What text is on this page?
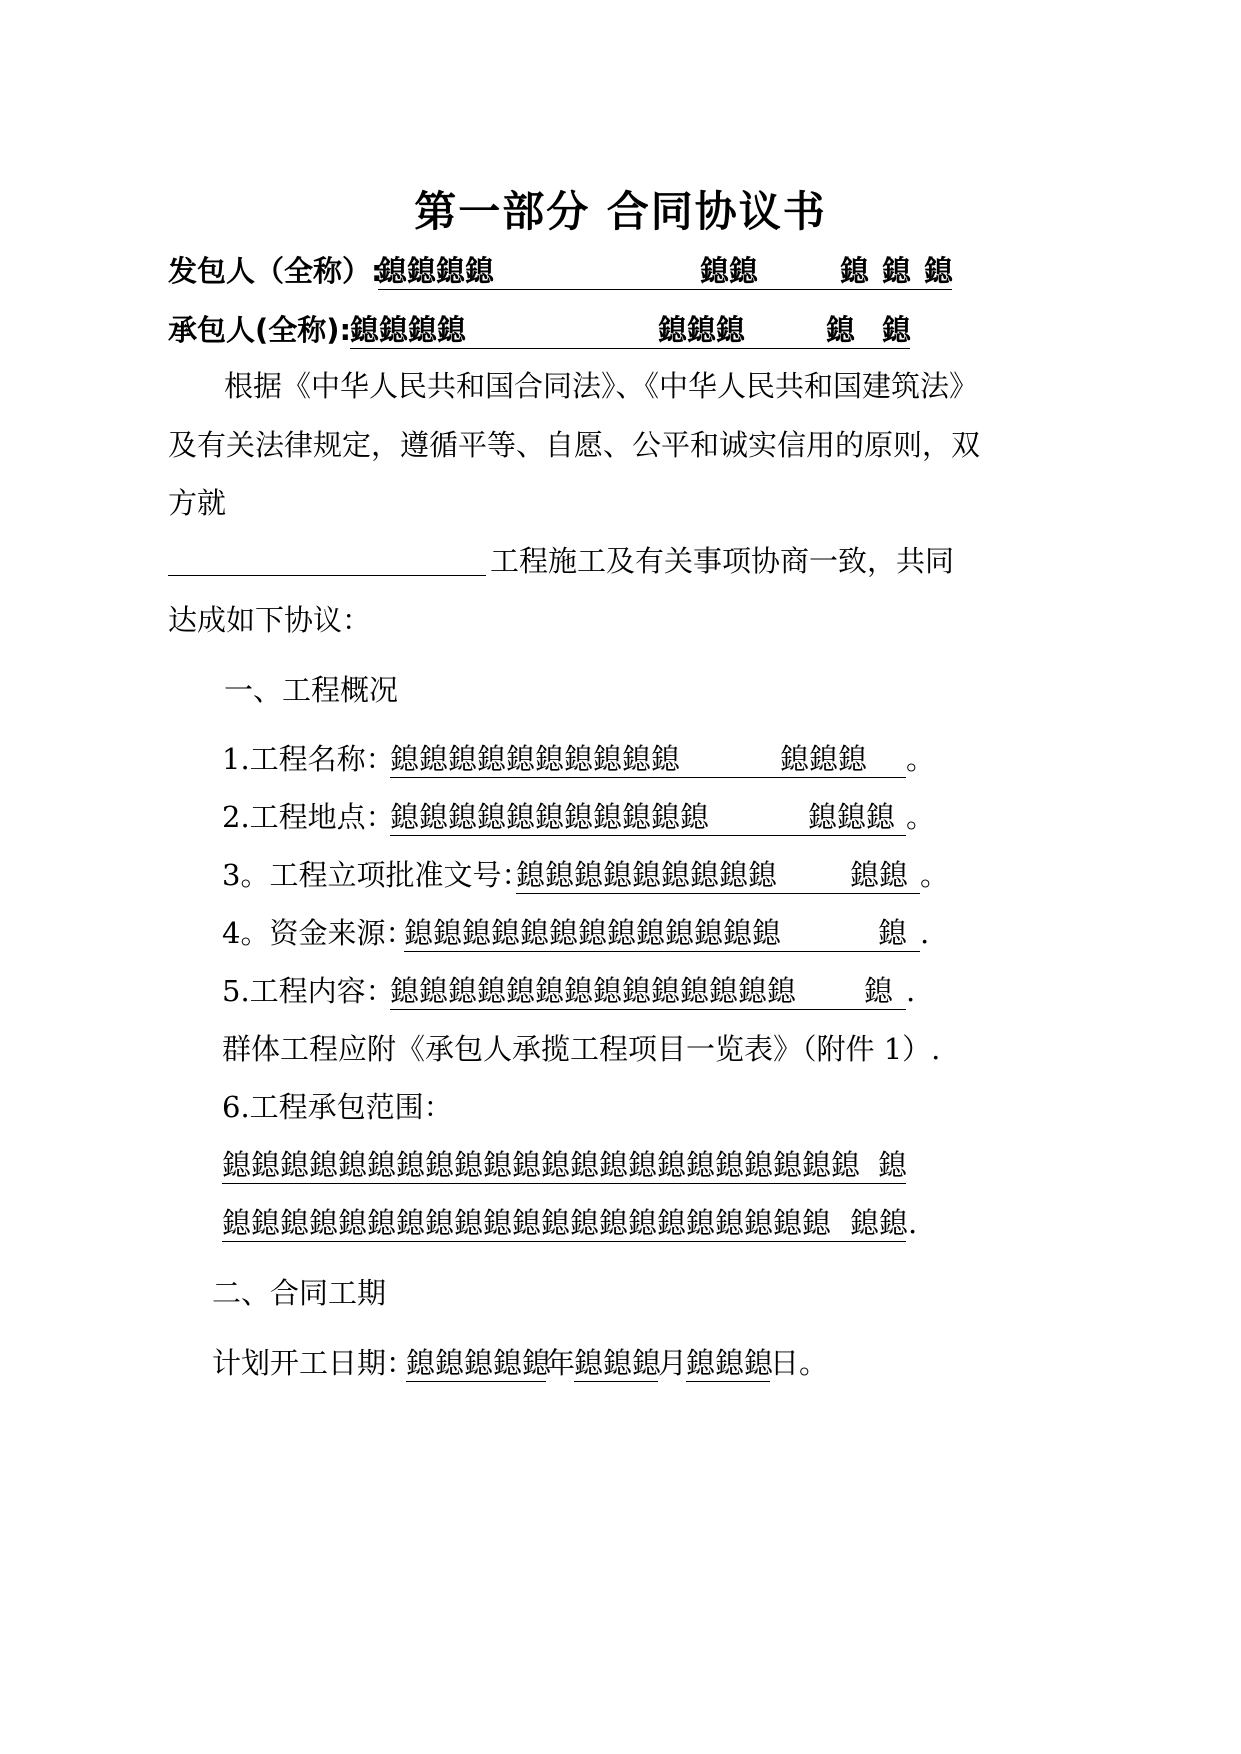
第一部分 合同协议书
发包人（全称）:
鎴鎴鎴鎴	鎴鎴	鎴 鎴 鎴
承包人(全称):
鎴鎴鎴鎴	鎴鎴鎴	鎴 鎴
根据《中华人民共和国合同法》、《中华人民共和国建筑法》
及有关法律规定，遵循平等、自愿、公平和诚实信用的原则，双
方就
工程施工及有关事项协商一致，共同
达成如下协议：
一、工程概况
1.工程名称：
鎴鎴鎴鎴鎴鎴鎴鎴鎴鎴	鎴鎴鎴 。
2.工程地点：
鎴鎴鎴鎴鎴鎴鎴鎴鎴鎴鎴	鎴鎴鎴 。
3。工程立项批准文号：
鎴鎴鎴鎴鎴鎴鎴鎴鎴	鎴鎴 。
4。资金来源：
鎴鎴鎴鎴鎴鎴鎴鎴鎴鎴鎴鎴鎴	鎴 .
5.工程内容：
鎴鎴鎴鎴鎴鎴鎴鎴鎴鎴鎴鎴鎴鎴 鎴 .
群体工程应附《承包人承揽工程项目一览表》（附件 1）.
6.工程承包范围：
鎴鎴鎴鎴鎴鎴鎴鎴鎴鎴鎴鎴鎴鎴鎴鎴鎴鎴鎴鎴鎴鎴 鎴
鎴鎴鎴鎴鎴鎴鎴鎴鎴鎴鎴鎴鎴鎴鎴鎴鎴鎴鎴鎴鎴 鎴鎴 .
二、合同工期
计划开工日期：
鎴鎴鎴鎴鎴
年
鎴鎴鎴
月
鎴鎴鎴
日。
